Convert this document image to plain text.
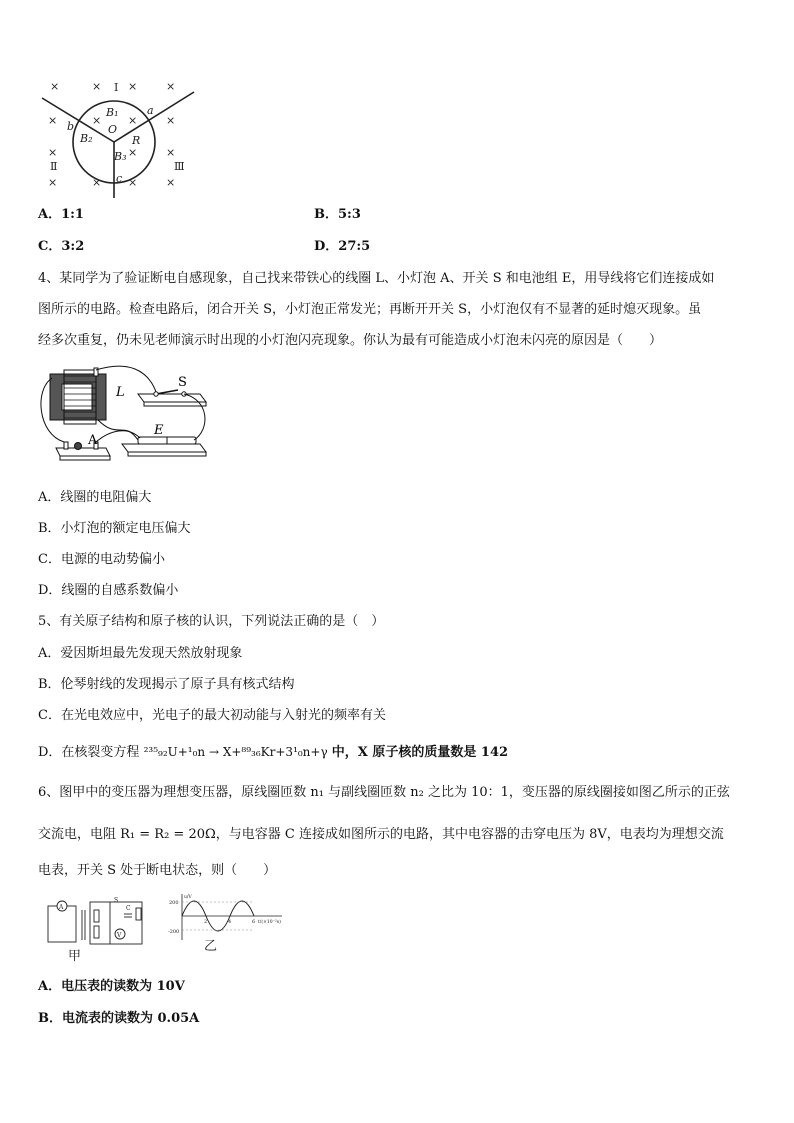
×	× ×	×
×	× ×	×
×	×	×
×	× ×	×
I
Ⅱ	Ⅲ
B₁
B₂
B₃
O
R
a
b
c
A．1:1	B．5:3
C．3:2	D．27:5
4、某同学为了验证断电自感现象，自己找来带铁心的线圈 L、小灯泡 A、开关 S 和电池组 E，用导线将它们连接成如
图所示的电路。检查电路后，闭合开关 S，小灯泡正常发光；再断开开关 S，小灯泡仅有不显著的延时熄灭现象。虽
经多次重复，仍未见老师演示时出现的小灯泡闪亮现象。你认为最有可能造成小灯泡未闪亮的原因是（　　）
L
S
A
E
A．线圈的电阻偏大
B．小灯泡的额定电压偏大
C．电源的电动势偏小
D．线圈的自感系数偏小
5、有关原子结构和原子核的认识，下列说法正确的是（　）
A．爱因斯坦最先发现天然放射现象
B．伦琴射线的发现揭示了原子具有核式结构
C．在光电效应中，光电子的最大初动能与入射光的频率有关
D．在核裂变方程 ²³⁵₉₂U+¹₀n → X+⁸⁹₃₆Kr+3¹₀n+γ 中，X 原子核的质量数是 142
6、图甲中的变压器为理想变压器，原线圈匝数 n₁ 与副线圈匝数 n₂ 之比为 10：1，变压器的原线圈接如图乙所示的正弦
交流电，电阻 R₁ = R₂ = 20Ω，与电容器 C 连接成如图所示的电路，其中电容器的击穿电压为 8V，电表均为理想交流
电表，开关 S 处于断电状态，则（　　）
A
V
S
C
甲
u/V
200
-200
2	4	6 t/(×10⁻²s)
乙
A．电压表的读数为 10V
B．电流表的读数为 0.05A
